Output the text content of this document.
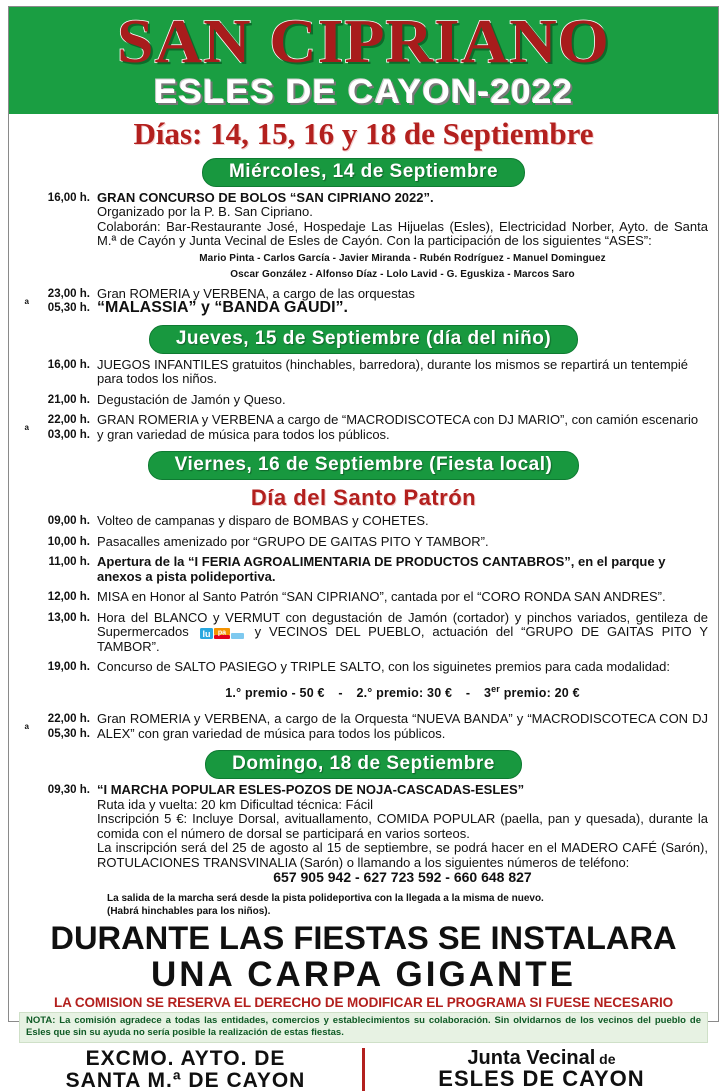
SAN CIPRIANO
ESLES DE CAYON-2022
Días: 14, 15, 16 y 18 de Septiembre
Miércoles, 14 de Septiembre
16,00 h. GRAN CONCURSO DE BOLOS “SAN CIPRIANO 2022”.
Organizado por la P. B. San Cipriano.
Colaborán: Bar-Restaurante José, Hospedaje Las Hijuelas (Esles), Electricidad Norber, Ayto. de Santa M.ª de Cayón y Junta Vecinal de Esles de Cayón. Con la participación de los siguientes “ASES”:
Mario Pinta - Carlos García - Javier Miranda - Rubén Rodríguez - Manuel Dominguez
Oscar González - Alfonso Díaz - Lolo Lavid - G. Eguskiza - Marcos Saro
a
23,00 h.
05,30 h.
Gran ROMERIA y VERBENA, a cargo de las orquestas
“MALASSIA” y “BANDA GAUDI”.
Jueves, 15 de Septiembre (día del niño)
16,00 h. JUEGOS INFANTILES gratuitos (hinchables, barredora), durante los mismos se repartirá un tentempié para todos los niños.
21,00 h. Degustación de Jamón y Queso.
a
22,00 h.
03,00 h.
GRAN ROMERIA y VERBENA a cargo de “MACRODISCOTECA con DJ MARIO”, con camión escenario y gran variedad de música para todos los públicos.
Viernes, 16 de Septiembre (Fiesta local)
Día del Santo Patrón
09,00 h. Volteo de campanas y disparo de BOMBAS y COHETES.
10,00 h. Pasacalles amenizado por “GRUPO DE GAITAS PITO Y TAMBOR”.
11,00 h. Apertura de la “I FERIA AGROALIMENTARIA DE PRODUCTOS CANTABROS”, en el parque y anexos a pista polideportiva.
12,00 h. MISA en Honor al Santo Patrón “SAN CIPRIANO”, cantada por el “CORO RONDA SAN ANDRES”.
13,00 h. Hora del BLANCO y VERMUT con degustación de Jamón (cortador) y pinchos variados, gentileza de Supermercados lu pa y VECINOS DEL PUEBLO, actuación del “GRUPO DE GAITAS PITO Y TAMBOR”.
19,00 h. Concurso de SALTO PASIEGO y TRIPLE SALTO, con los siguinetes premios para cada modalidad:
1.° premio - 50 € - 2.° premio: 30 € - 3er premio: 20 €
a
22,00 h.
05,30 h.
Gran ROMERIA y VERBENA, a cargo de la Orquesta “NUEVA BANDA” y “MACRODISCOTECA CON DJ ALEX” con gran variedad de música para todos los públicos.
Domingo, 18 de Septiembre
09,30 h. “I MARCHA POPULAR ESLES-POZOS DE NOJA-CASCADAS-ESLES”
Ruta ida y vuelta: 20 km Dificultad técnica: Fácil
Inscripción 5 €: Incluye Dorsal, avituallamento, COMIDA POPULAR (paella, pan y quesada), durante la comida con el número de dorsal se participará en varios sorteos.
La inscripción será del 25 de agosto al 15 de septiembre, se podrá hacer en el MADERO CAFÉ (Sarón), ROTULACIONES TRANSVINALIA (Sarón) o llamando a los siguientes números de teléfono:
657 905 942 - 627 723 592 - 660 648 827
La salida de la marcha será desde la pista polideportiva con la llegada a la misma de nuevo.
(Habrá hinchables para los niños).
DURANTE LAS FIESTAS SE INSTALARA
UNA CARPA GIGANTE
LA COMISION SE RESERVA EL DERECHO DE MODIFICAR EL PROGRAMA SI FUESE NECESARIO
NOTA: La comisión agradece a todas las entidades, comercios y establecimientos su colaboración. Sin olvidarnos de los vecinos del pueblo de Esles que sin su ayuda no sería posible la realización de estas fiestas.
EXCMO. AYTO. DE
SANTA M.ª DE CAYON
Junta Vecinal de
ESLES DE CAYON
